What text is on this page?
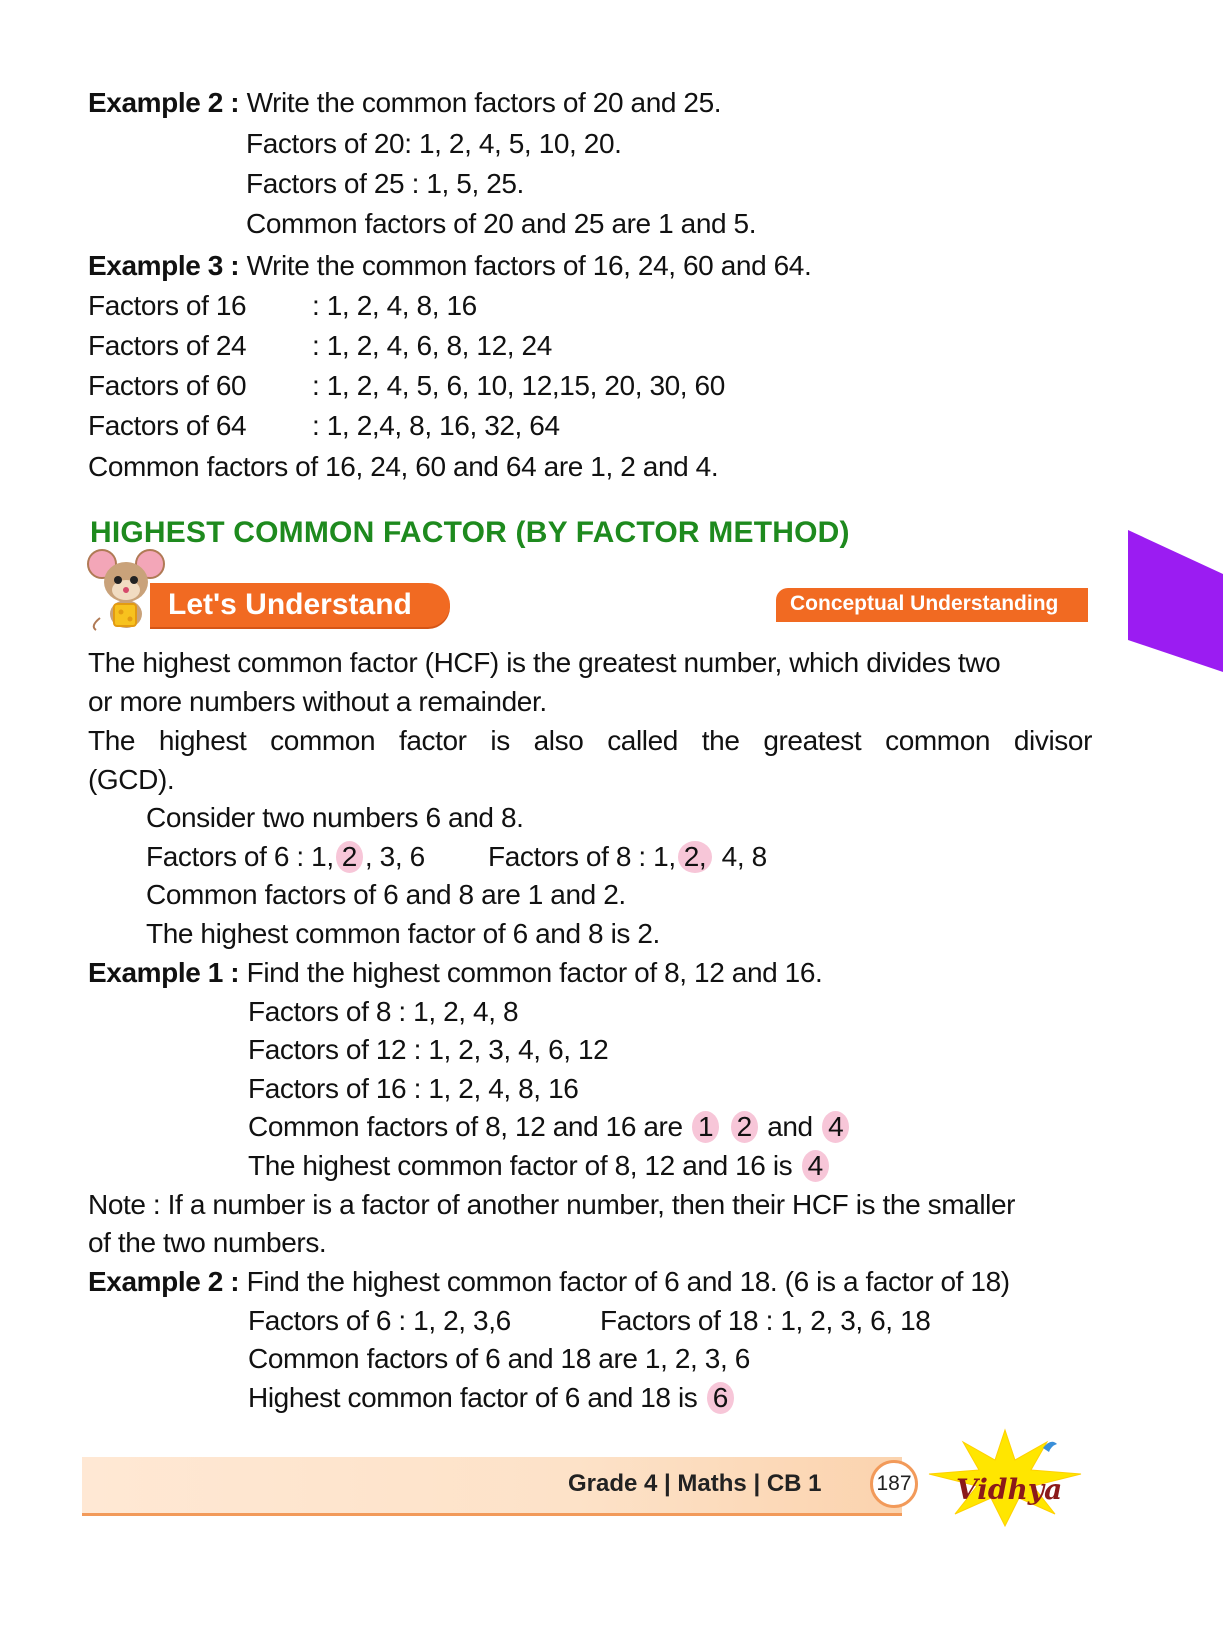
Example 2 : Write the common factors of 20 and 25.
Factors of 20: 1, 2, 4, 5, 10, 20.
Factors of 25 : 1, 5, 25.
Common factors of 20 and 25 are 1 and 5.
Example 3 : Write the common factors of 16, 24, 60 and 64.
Factors of 16 : 1, 2, 4, 8, 16
Factors of 24 : 1, 2, 4, 6, 8, 12, 24
Factors of 60 : 1, 2, 4, 5, 6, 10, 12,15, 20, 30, 60
Factors of 64 : 1, 2,4, 8, 16, 32, 64
Common factors of 16, 24, 60 and 64 are 1, 2 and 4.
HIGHEST COMMON FACTOR (BY FACTOR METHOD)
Let's Understand	Conceptual Understanding
The highest common factor (HCF) is the greatest number, which divides two
or more numbers without a remainder.
The highest common factor is also called the greatest common divisor
(GCD).
Consider two numbers 6 and 8.
Factors of 6 : 1, 2 , 3, 6 Factors of 8 : 1, 2, 4, 8
Common factors of 6 and 8 are 1 and 2.
The highest common factor of 6 and 8 is 2.
Example 1 : Find the highest common factor of 8, 12 and 16.
Factors of 8 : 1, 2, 4, 8
Factors of 12 : 1, 2, 3, 4, 6, 12
Factors of 16 : 1, 2, 4, 8, 16
Common factors of 8, 12 and 16 are 1 2 and 4
The highest common factor of 8, 12 and 16 is 4
Note : If a number is a factor of another number, then their HCF is the smaller
of the two numbers.
Example 2 : Find the highest common factor of 6 and 18. (6 is a factor of 18)
Factors of 6 : 1, 2, 3,6	Factors of 18 : 1, 2, 3, 6, 18
Common factors of 6 and 18 are 1, 2, 3, 6
Highest common factor of 6 and 18 is 6
Grade 4 | Maths | CB 1	187 Vidhya
